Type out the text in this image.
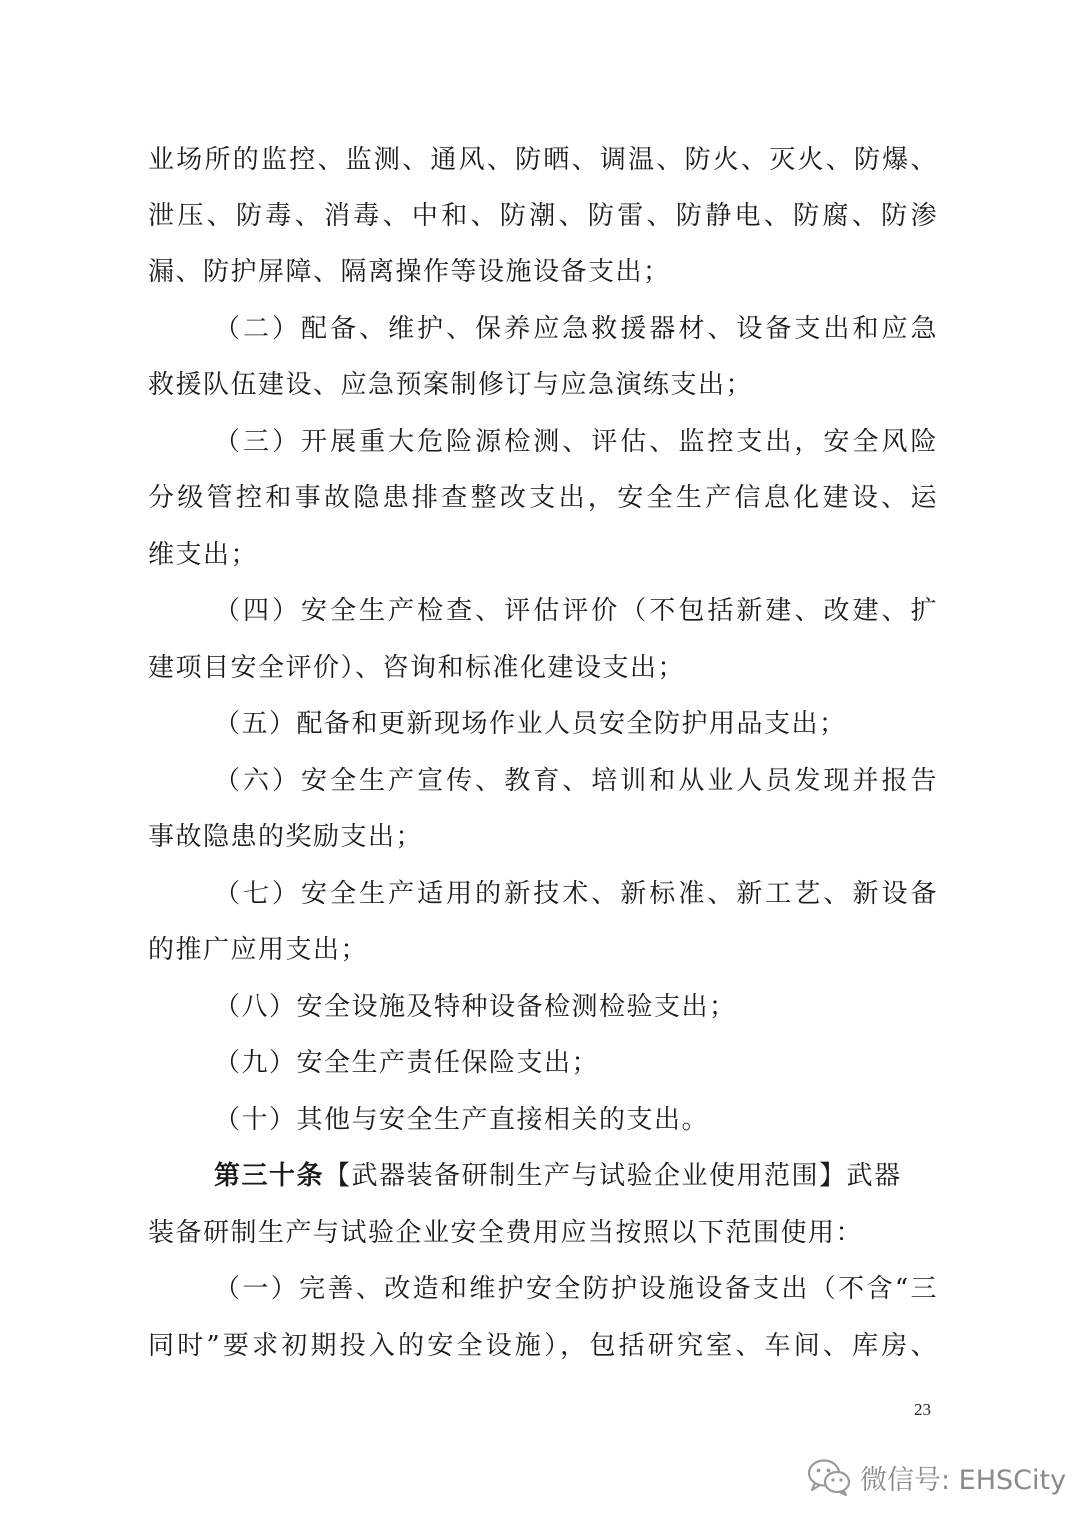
业场所的监控、监测、通风、防晒、调温、防火、灭火、防爆、
泄压、防毒、消毒、中和、防潮、防雷、防静电、防腐、防渗
漏、防护屏障、隔离操作等设施设备支出；
（二）配备、维护、保养应急救援器材、设备支出和应急
救援队伍建设、应急预案制修订与应急演练支出；
（三）开展重大危险源检测、评估、监控支出，安全风险
分级管控和事故隐患排查整改支出，安全生产信息化建设、运
维支出；
（四）安全生产检查、评估评价（不包括新建、改建、扩
建项目安全评价）、咨询和标准化建设支出；
（五）配备和更新现场作业人员安全防护用品支出；
（六）安全生产宣传、教育、培训和从业人员发现并报告
事故隐患的奖励支出；
（七）安全生产适用的新技术、新标准、新工艺、新设备
的推广应用支出；
（八）安全设施及特种设备检测检验支出；
（九）安全生产责任保险支出；
（十）其他与安全生产直接相关的支出。
第三十条【武器装备研制生产与试验企业使用范围】武器
装备研制生产与试验企业安全费用应当按照以下范围使用：
（一）完善、改造和维护安全防护设施设备支出（不含“三
同时”要求初期投入的安全设施），包括研究室、车间、库房、
23
微信号: EHSCity
